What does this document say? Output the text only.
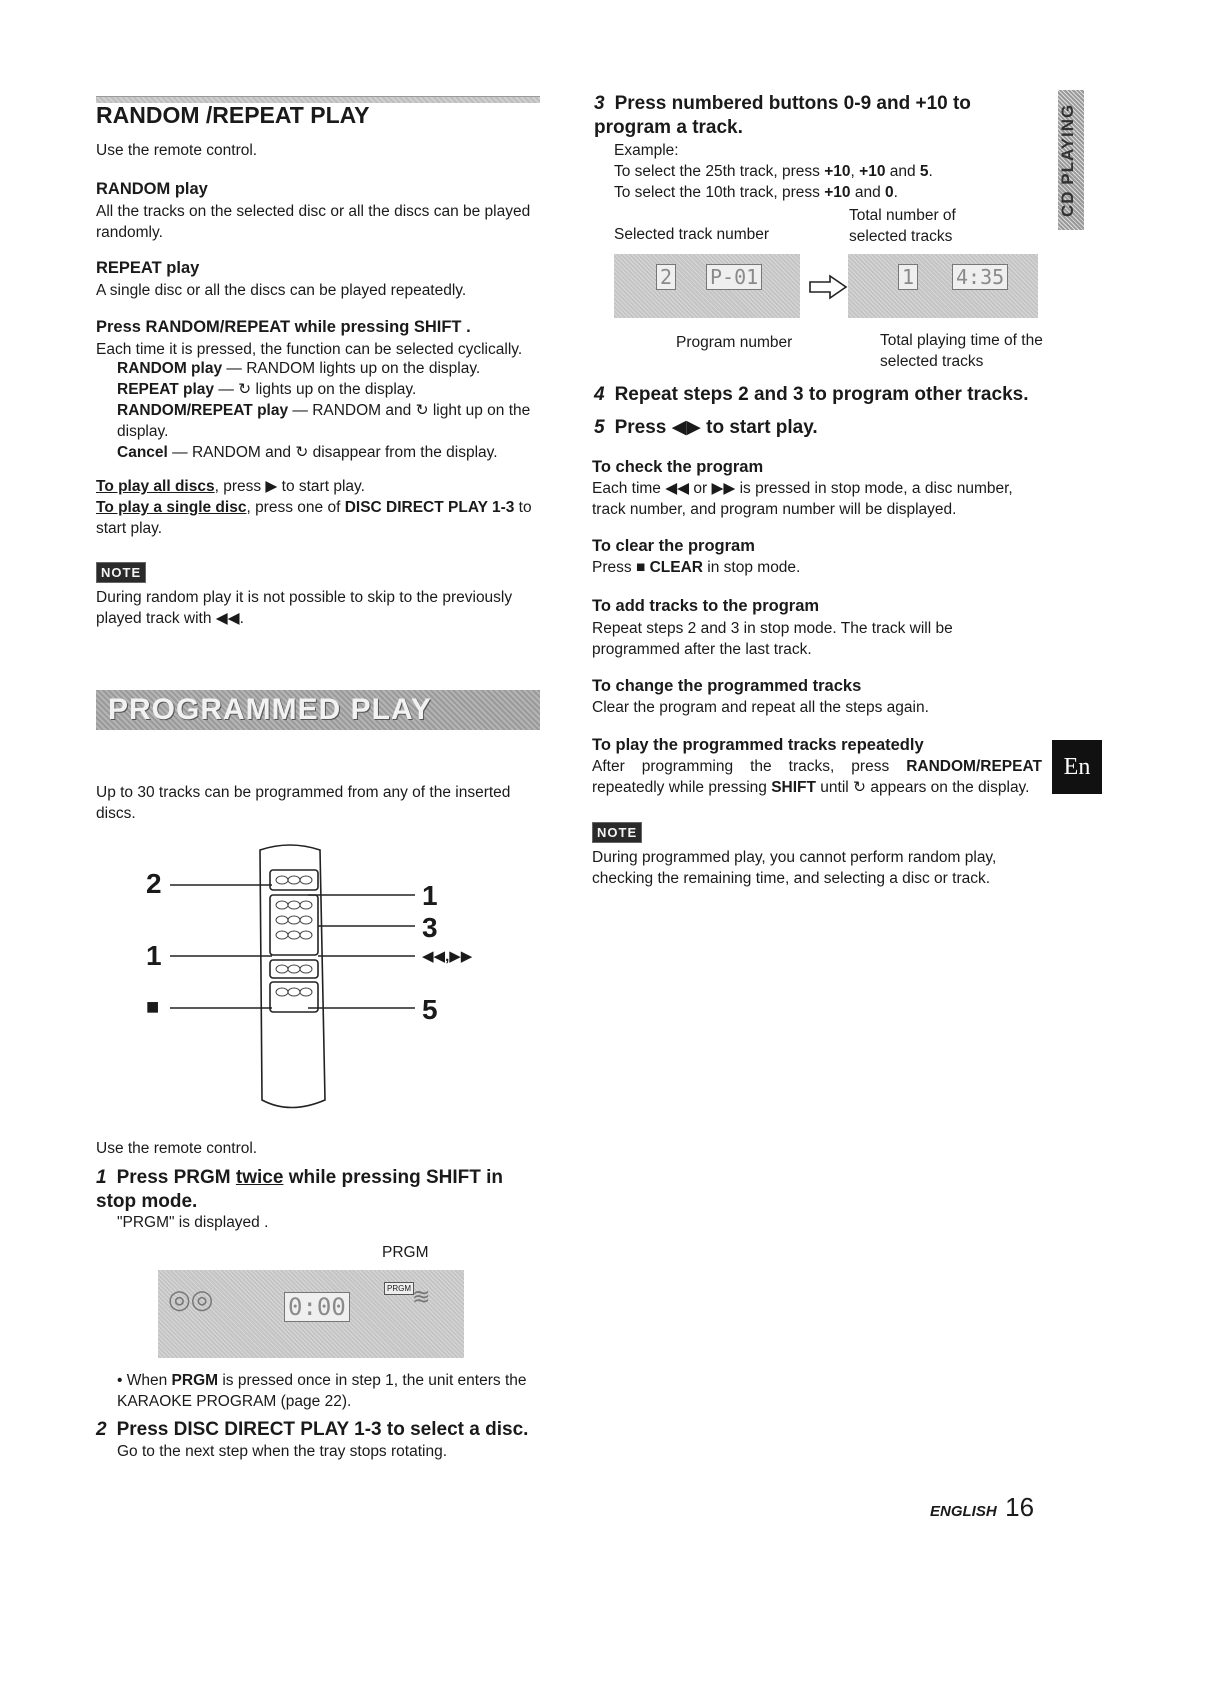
RANDOM /REPEAT PLAY

Use the remote control.

RANDOM play

All the tracks on the selected disc or all the discs can be played randomly.

REPEAT play

A single disc or all the discs can be played repeatedly.

Press RANDOM/REPEAT while pressing SHIFT .

Each time it is pressed, the function can be selected cyclically.

RANDOM play — RANDOM lights up on the display.

REPEAT play — ↻ lights up on the display.

RANDOM/REPEAT play — RANDOM and ↻ light up on the display.

Cancel — RANDOM and ↻ disappear from the display.

To play all discs, press ▶ to start play.

To play a single disc, press one of DISC DIRECT PLAY 1-3 to start play.

NOTE

During random play it is not possible to skip to the previously played track with ◀◀.

PROGRAMMED PLAY

Up to 30 tracks can be programmed from any of the inserted discs.

2
1
■
1
3
◀◀,▶▶
5

Use the remote control.

1 Press PRGM twice while pressing SHIFT in stop mode.

"PRGM" is displayed .

PRGM
◎◎	PRGM
0:00	≋
• When PRGM is pressed once in step 1, the unit enters the KARAOKE PROGRAM (page 22).
2 Press DISC DIRECT PLAY 1-3 to select a disc.

Go to the next step when the tray stops rotating.

3 Press numbered buttons 0-9 and +10 to program a track.

Example:

To select the 25th track, press +10, +10 and 5.

To select the 10th track, press +10 and 0.

Total number of selected tracks

Selected track number

2 P-01	1 4:35

Program number	Total playing time of the selected tracks

4 Repeat steps 2 and 3 to program other tracks.
5 Press ◀▶ to start play.
To check the program

Each time ◀◀ or ▶▶ is pressed in stop mode, a disc number, track number, and program number will be displayed.

To clear the program

Press ■ CLEAR in stop mode.

To add tracks to the program

Repeat steps 2 and 3 in stop mode. The track will be programmed after the last track.

To change the programmed tracks

Clear the program and repeat all the steps again.

To play the programmed tracks repeatedly

After programming the tracks, press RANDOM/REPEAT repeatedly while pressing SHIFT until ↻ appears on the display.

NOTE

During programmed play, you cannot perform random play, checking the remaining time, and selecting a disc or track.

CD PLAYING
En
ENGLISH 16
